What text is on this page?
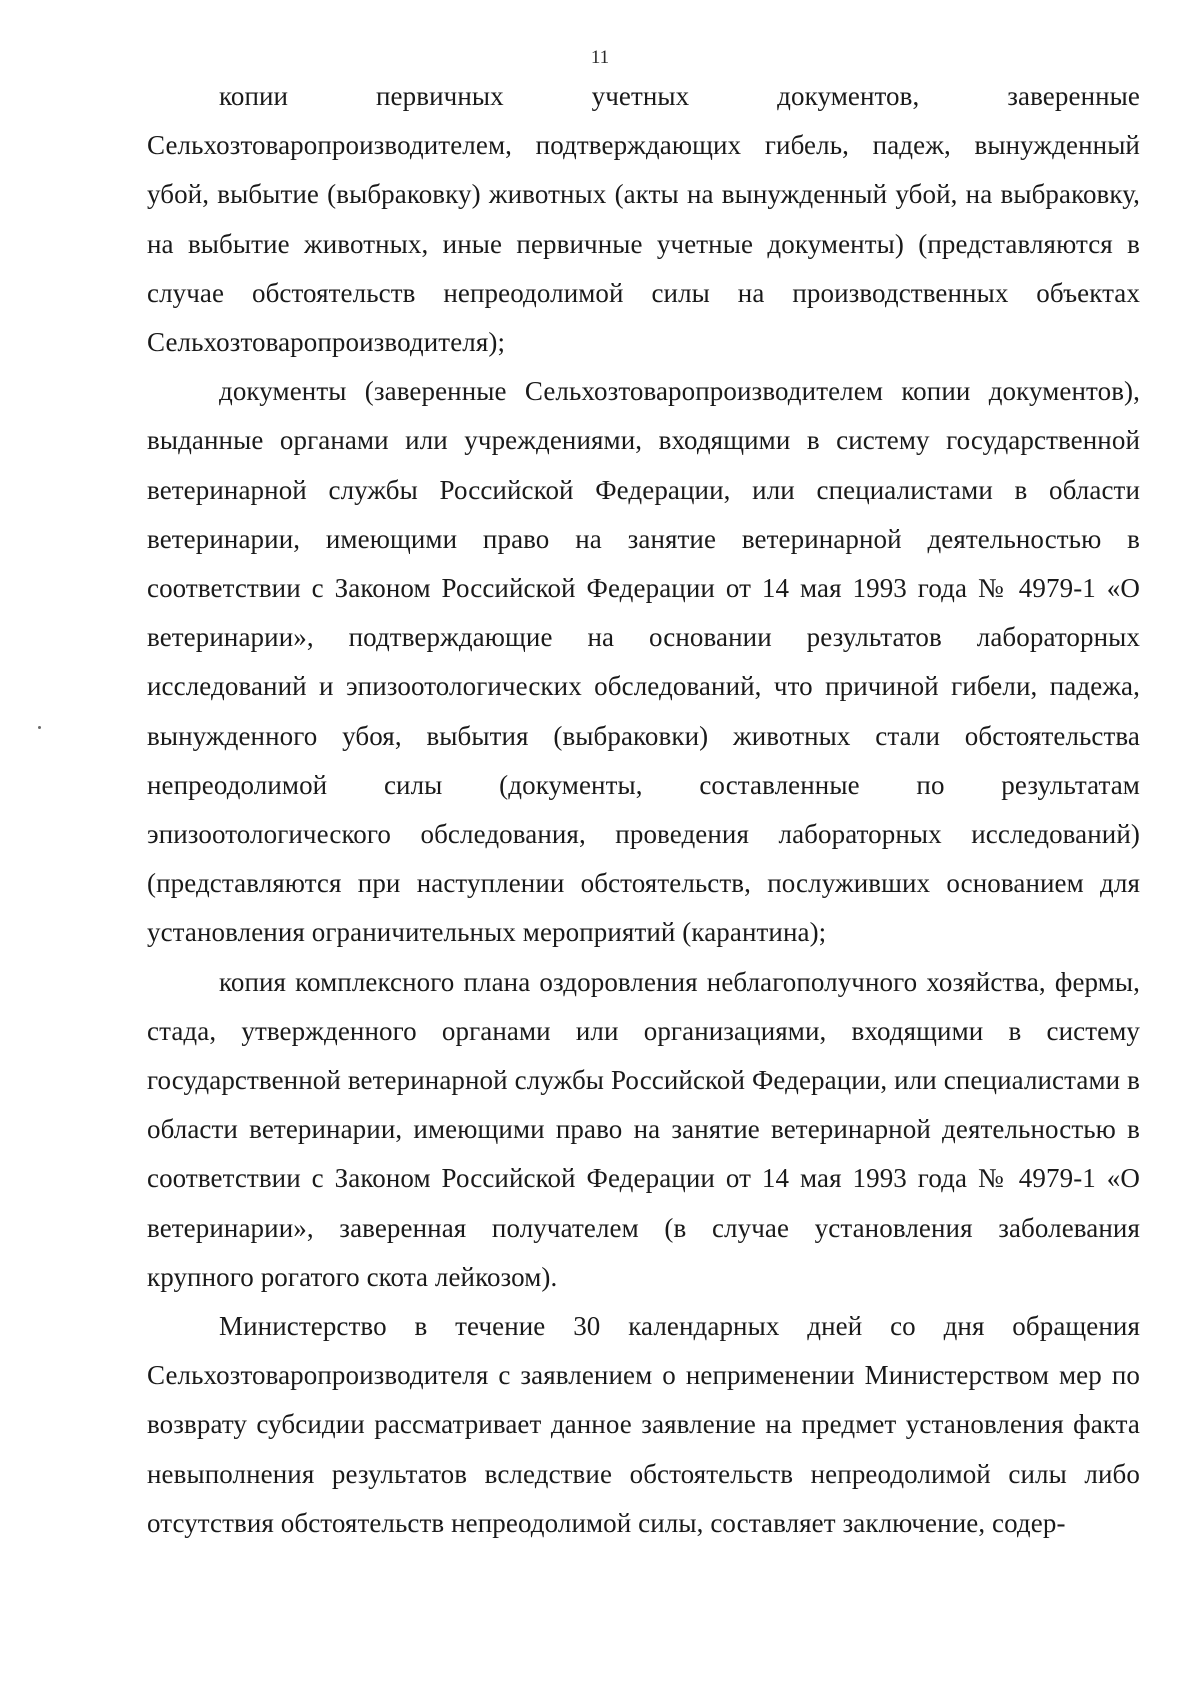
11

копии первичных учетных документов, заверенные Сельхозтоваропроизводителем, подтверждающих гибель, падеж, вынужденный убой, выбытие (выбраковку) животных (акты на вынужденный убой, на выбраковку, на выбытие животных, иные первичные учетные документы) (представляются в случае обстоятельств непреодолимой силы на производственных объектах Сельхозтоваропроизводителя);

документы (заверенные Сельхозтоваропроизводителем копии документов), выданные органами или учреждениями, входящими в систему государственной ветеринарной службы Российской Федерации, или специалистами в области ветеринарии, имеющими право на занятие ветеринарной деятельностью в соответствии с Законом Российской Федерации от 14 мая 1993 года № 4979-1 «О ветеринарии», подтверждающие на основании результатов лабораторных исследований и эпизоотологических обследований, что причиной гибели, падежа, вынужденного убоя, выбытия (выбраковки) животных стали обстоятельства непреодолимой силы (документы, составленные по результатам эпизоотологического обследования, проведения лабораторных исследований) (представляются при наступлении обстоятельств, послуживших основанием для установления ограничительных мероприятий (карантина);

копия комплексного плана оздоровления неблагополучного хозяйства, фермы, стада, утвержденного органами или организациями, входящими в систему государственной ветеринарной службы Российской Федерации, или специалистами в области ветеринарии, имеющими право на занятие ветеринарной деятельностью в соответствии с Законом Российской Федерации от 14 мая 1993 года № 4979-1 «О ветеринарии», заверенная получателем (в случае установления заболевания крупного рогатого скота лейкозом).

Министерство в течение 30 календарных дней со дня обращения Сельхозтоваропроизводителя с заявлением о неприменении Министерством мер по возврату субсидии рассматривает данное заявление на предмет установления факта невыполнения результатов вследствие обстоятельств непреодолимой силы либо отсутствия обстоятельств непреодолимой силы, составляет заключение, содер-
